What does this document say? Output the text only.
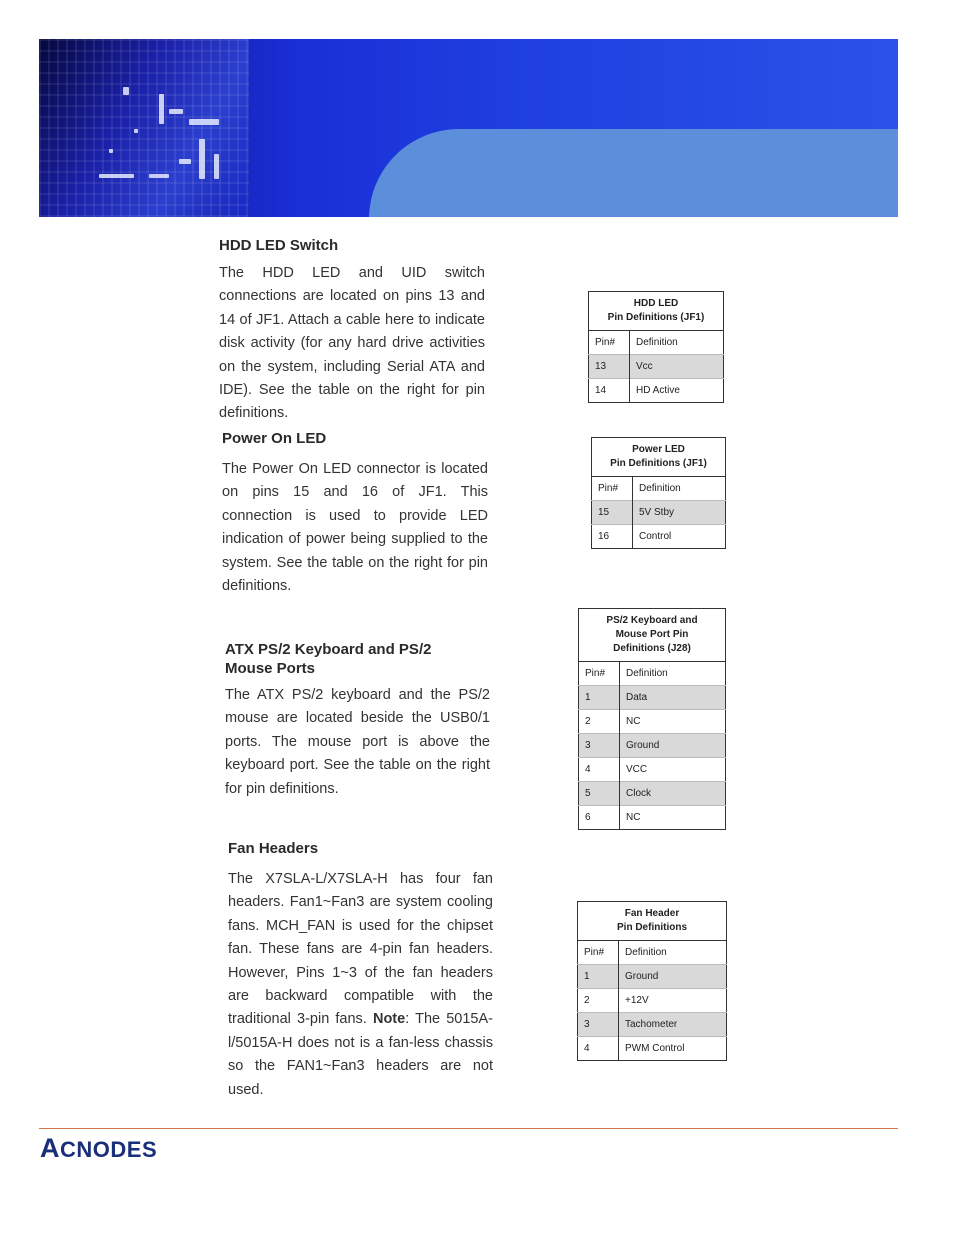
HDD LED Switch

The HDD LED and UID switch connections are located on pins 13 and 14 of JF1. Attach a cable here to indicate disk activity (for any hard drive activities on the system, including Serial ATA and IDE). See the table on the right for pin definitions.

HDD LED
Pin Definitions (JF1)	
Pin#	Definition
13	Vcc
14	HD Active
Power On LED

The Power On LED connector is located on pins 15 and 16 of JF1. This connection is used to provide LED indication of power being supplied to the system. See the table on the right for pin definitions.

Power LED
Pin Definitions (JF1)	
Pin#	Definition
15	5V Stby
16	Control
ATX PS/2 Keyboard and PS/2 Mouse Ports

The ATX PS/2 keyboard and the PS/2 mouse are located beside the USB0/1 ports. The mouse port is above the keyboard port. See the table on the right for pin definitions.

PS/2 Keyboard and
Mouse Port Pin
Definitions (J28)	
Pin#	Definition
1	Data
2	NC
3	Ground
4	VCC
5	Clock
6	NC
Fan Headers

The X7SLA-L/X7SLA-H has four fan headers. Fan1~Fan3 are system cooling fans. MCH_FAN is used for the chipset fan. These fans are 4-pin fan headers. However, Pins 1~3 of the fan headers are backward compatible with the traditional 3-pin fans. Note: The 5015A-l/5015A-H does not is a fan-less chassis so the FAN1~Fan3 headers are not used.

Fan Header
Pin Definitions	
Pin#	Definition
1	Ground
2	+12V
3	Tachometer
4	PWM Control
ACNODES
